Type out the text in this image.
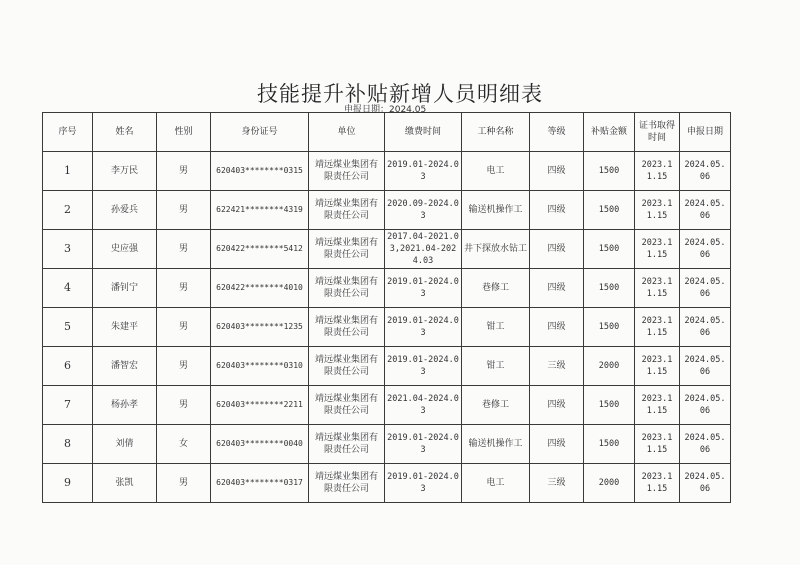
技能提升补贴新增人员明细表
申报日期：2024.05
序号	姓名	性别	身份证号	单位	缴费时间	工种名称	等级	补贴金额	证书取得时间	申报日期
1	李万民	男	620403********0315	靖远煤业集团有限责任公司	2019.01-2024.03	电工	四级	1500	2023.11.15	2024.05.06
2	孙爱兵	男	622421********4319	靖远煤业集团有限责任公司	2020.09-2024.03	输送机操作工	四级	1500	2023.11.15	2024.05.06
3	史应强	男	620422********5412	靖远煤业集团有限责任公司	2017.04-2021.03,2021.04-2024.03	井下探放水钻工	四级	1500	2023.11.15	2024.05.06
4	潘钊宁	男	620422********4010	靖远煤业集团有限责任公司	2019.01-2024.03	巷修工	四级	1500	2023.11.15	2024.05.06
5	朱建平	男	620403********1235	靖远煤业集团有限责任公司	2019.01-2024.03	钳工	四级	1500	2023.11.15	2024.05.06
6	潘智宏	男	620403********0310	靖远煤业集团有限责任公司	2019.01-2024.03	钳工	三级	2000	2023.11.15	2024.05.06
7	杨孙孝	男	620403********2211	靖远煤业集团有限责任公司	2021.04-2024.03	巷修工	四级	1500	2023.11.15	2024.05.06
8	刘倩	女	620403********0040	靖远煤业集团有限责任公司	2019.01-2024.03	输送机操作工	四级	1500	2023.11.15	2024.05.06
9	张凯	男	620403********0317	靖远煤业集团有限责任公司	2019.01-2024.03	电工	三级	2000	2023.11.15	2024.05.06
